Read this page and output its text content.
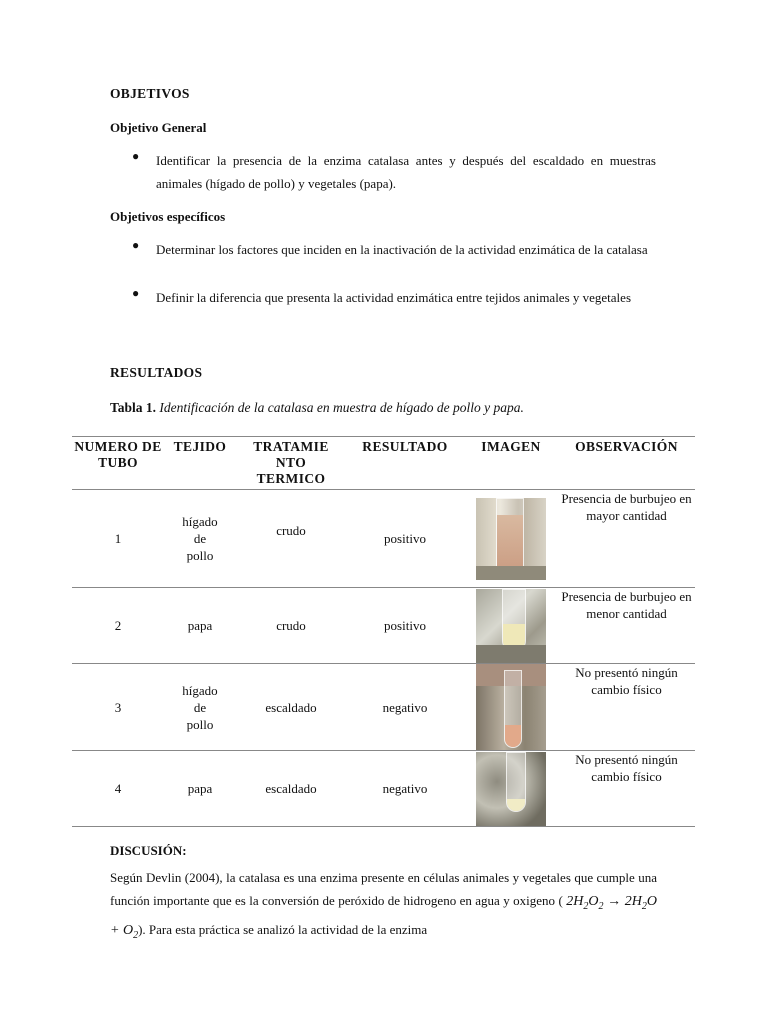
OBJETIVOS
Objetivo General
● Identificar la presencia de la enzima catalasa antes y después del escaldado en muestras animales (hígado de pollo) y vegetales (papa).
Objetivos específicos
● Determinar los factores que inciden en la inactivación de la actividad enzimática de la catalasa
● Definir la diferencia que presenta la actividad enzimática entre tejidos animales y vegetales
RESULTADOS
Tabla 1. Identificación de la catalasa en muestra de hígado de pollo y papa.
NUMERO DE TUBO	TEJIDO	TRATAMIE NTO TERMICO	RESULTADO	IMAGEN	OBSERVACIÓN
1	hígado de pollo	crudo	positivo		Presencia de burbujeo en mayor cantidad
2	papa	crudo	positivo		Presencia de burbujeo en menor cantidad
3	hígado de pollo	escaldado	negativo		No presentó ningún cambio físico
4	papa	escaldado	negativo		No presentó ningún cambio físico
DISCUSIÓN:
Según Devlin (2004), la catalasa es una enzima presente en células animales y vegetales que cumple una función importante que es la conversión de peróxido de hidrogeno en agua y oxigeno ( $2H_2O_2 \to 2H_2O + O_2$). Para esta práctica se analizó la actividad de la enzima
